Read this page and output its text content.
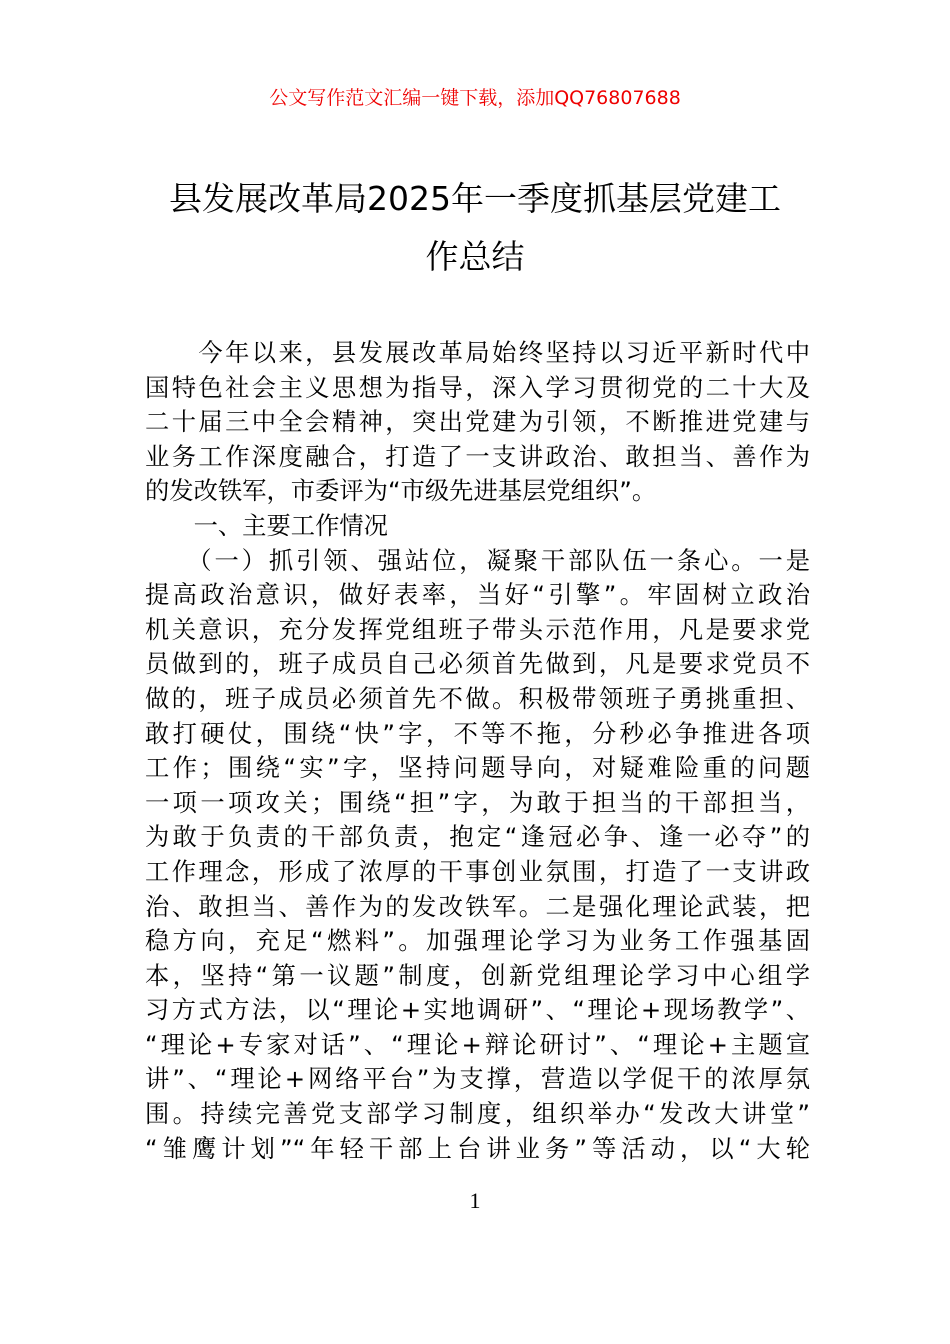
公文写作范文汇编一键下载，添加QQ76807688
县发展改革局2025年一季度抓基层党建工
作总结
　　今年以来，县发展改革局始终坚持以习近平新时代中
国特色社会主义思想为指导，深入学习贯彻党的二十大及
二十届三中全会精神，突出党建为引领，不断推进党建与
业务工作深度融合，打造了一支讲政治、敢担当、善作为
的发改铁军，市委评为“市级先进基层党组织”。
　　一、主要工作情况
　　（一）抓引领、强站位，凝聚干部队伍一条心。一是
提高政治意识，做好表率，当好“引擎”。牢固树立政治
机关意识，充分发挥党组班子带头示范作用，凡是要求党
员做到的，班子成员自己必须首先做到，凡是要求党员不
做的，班子成员必须首先不做。积极带领班子勇挑重担、
敢打硬仗，围绕“快”字，不等不拖，分秒必争推进各项
工作；围绕“实”字，坚持问题导向，对疑难险重的问题
一项一项攻关；围绕“担”字，为敢于担当的干部担当，
为敢于负责的干部负责，抱定“逢冠必争、逢一必夺”的
工作理念，形成了浓厚的干事创业氛围，打造了一支讲政
治、敢担当、善作为的发改铁军。二是强化理论武装，把
稳方向，充足“燃料”。加强理论学习为业务工作强基固
本，坚持“第一议题”制度，创新党组理论学习中心组学
习方式方法，以“理论+实地调研”、“理论+现场教学”、
“理论+专家对话”、“理论+辩论研讨”、“理论+主题宣
讲”、“理论+网络平台”为支撑，营造以学促干的浓厚氛
围。持续完善党支部学习制度，组织举办“发改大讲堂”
“雏鹰计划”“年轻干部上台讲业务”等活动，以“大轮
1
